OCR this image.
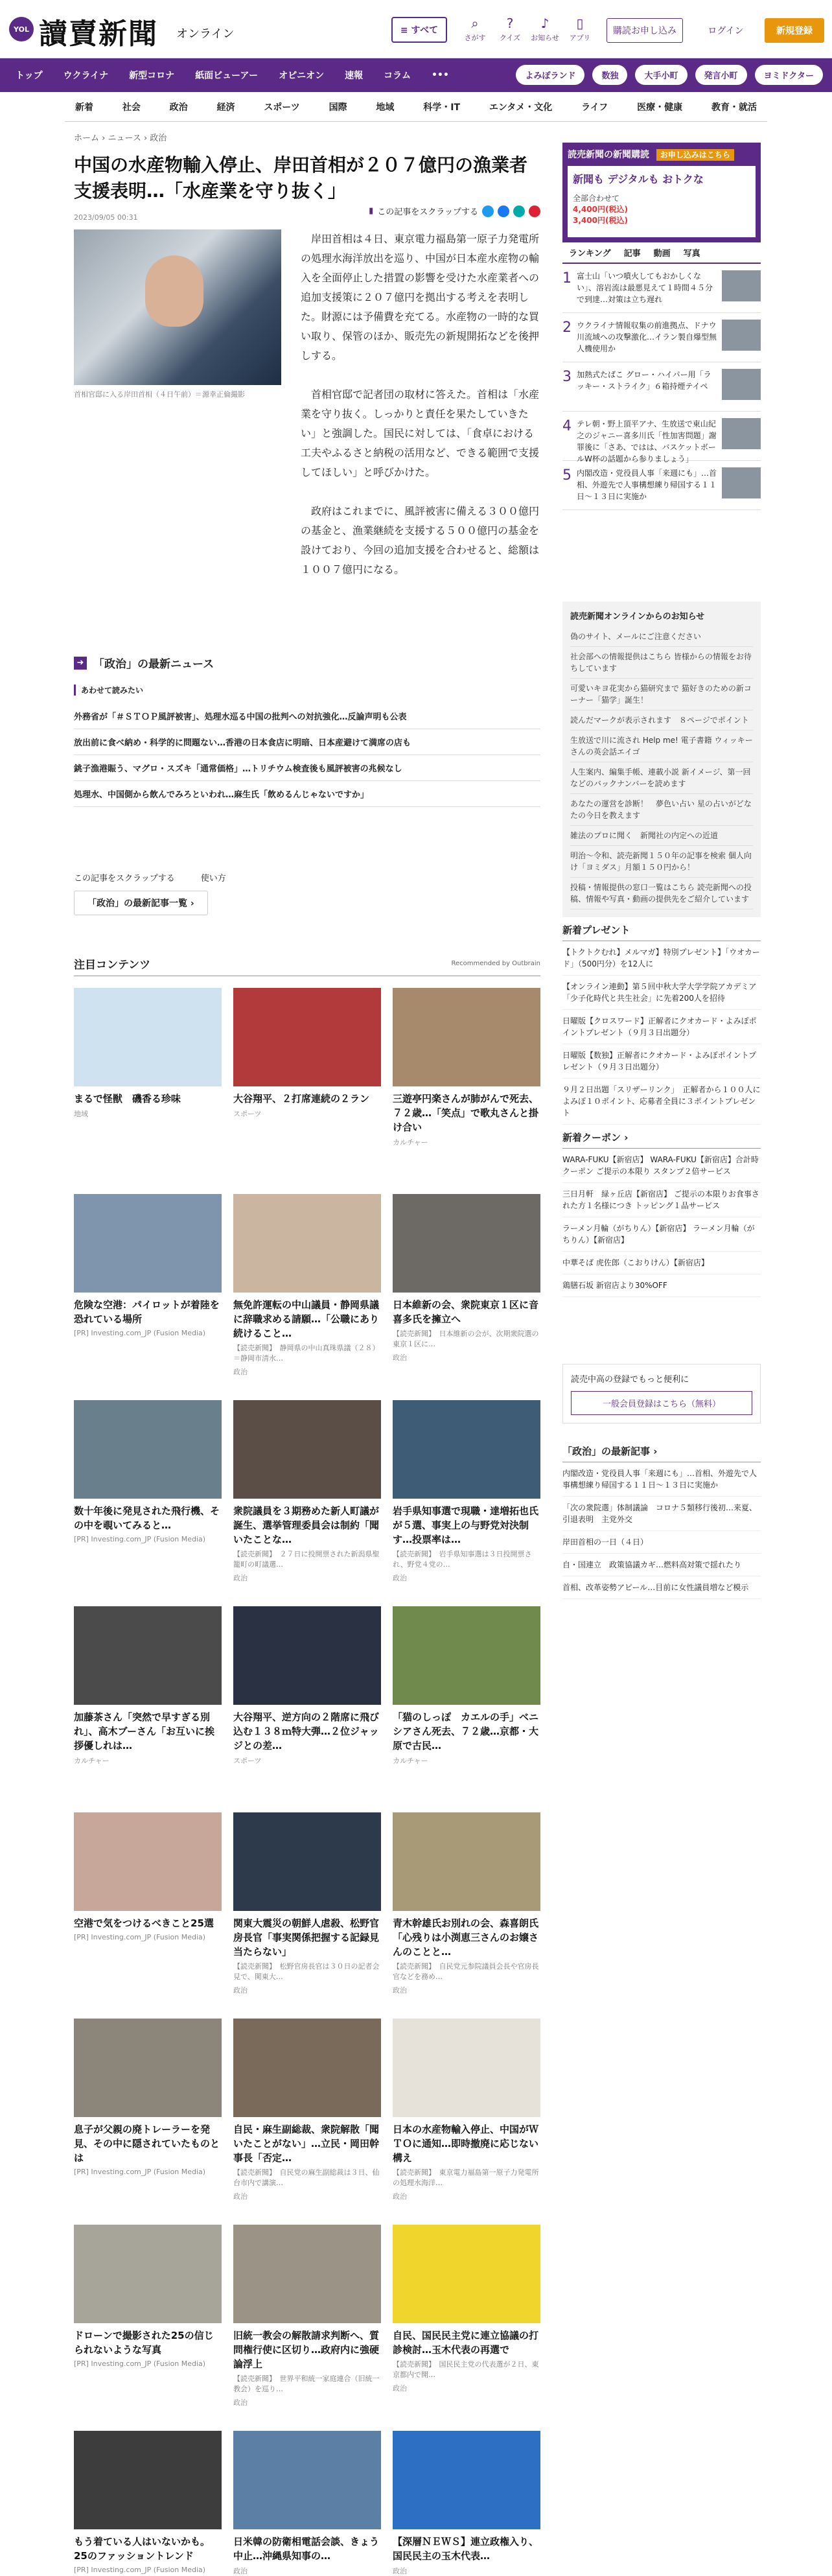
YOL 讀賣新聞 オンライン	≡ すべて	⌕
さがす
?
クイズ
♪
お知らせ
▯
アプリ
購読お申し込み	ログイン	新規登録
トップ ウクライナ 新型コロナ 紙面ビューアー オピニオン 速報 コラム •••	よみぽランド	数独	大手小町	発言小町	ヨミドクター
新着	社会	政治	経済	スポーツ	国際	地域	科学・IT	エンタメ・文化	ライフ	医療・健康	教育・就活
ホーム › ニュース › 政治
中国の水産物輸入停止、岸田首相が２０７億円の漁業者支援表明…「水産業を守り抜く」
2023/09/05 00:31
▮ この記事をスクラップする
首相官邸に入る岸田首相（４日午前）＝源幸正倫撮影

岸田首相は４日、東京電力福島第一原子力発電所の処理水海洋放出を巡り、中国が日本産水産物の輸入を全面停止した措置の影響を受けた水産業者への追加支援策に２０７億円を拠出する考えを表明した。財源には予備費を充てる。水産物の一時的な買い取り、保管のほか、販売先の新規開拓などを後押しする。

首相官邸で記者団の取材に答えた。首相は「水産業を守り抜く。しっかりと責任を果たしていきたい」と強調した。国民に対しては、「食卓における工夫やふるさと納税の活用など、できる範囲で支援してほしい」と呼びかけた。

政府はこれまでに、風評被害に備える３００億円の基金と、漁業継続を支援する５００億円の基金を設けており、今回の追加支援を合わせると、総額は１００７億円になる。

➜ 「政治」の最新ニュース
あわせて読みたい
外務省が「＃ＳＴＯＰ風評被害」、処理水巡る中国の批判への対抗強化…反論声明も公表
放出前に食べ納め・科学的に問題ない…香港の日本食店に明暗、日本産避けて満席の店も
銚子漁港賑う、マグロ・スズキ「通常価格」…トリチウム検査後も風評被害の兆候なし
処理水、中国側から飲んでみろといわれ…麻生氏「飲めるんじゃないですか」
この記事をスクラップする	使い方
「政治」の最新記事一覧 ›
注目コンテンツ	Recommended by Outbrain
まるで怪獣　磯香る珍味
地域
大谷翔平、２打席連続の２ラン
スポーツ
三遊亭円楽さんが肺がんで死去、７２歳…「笑点」で歌丸さんと掛け合い
カルチャー
危険な空港：パイロットが着陸を恐れている場所
[PR] Investing.com_JP (Fusion Media)
無免許運転の中山議員・静岡県議に辞職求める請願…「公職にあり続けること…
【読売新聞】　静岡県の中山真珠県議（２８）＝静岡市清水…
政治
日本維新の会、衆院東京１区に音喜多氏を擁立へ
【読売新聞】　日本維新の会が、次期衆院選の東京１区に…
政治
数十年後に発見された飛行機、その中を覗いてみると…
[PR] Investing.com_JP (Fusion Media)
衆院議員を３期務めた新人町議が誕生、選挙管理委員会は制約「聞いたことな…
【読売新聞】　２７日に投開票された新潟県聖籠町の町議選…
政治
岩手県知事選で現職・達増拓也氏が５選、事実上の与野党対決制す…投票率は…
【読売新聞】　岩手県知事選は３日投開票され、野党４党の…
政治
加藤茶さん「突然で早すぎる別れ」、高木ブーさん「お互いに挨拶優しれは…
カルチャー
大谷翔平、逆方向の２階席に飛び込む１３８ｍ特大弾…２位ジャッジとの差…
スポーツ
「猫のしっぽ　カエルの手」ベニシアさん死去、７２歳…京都・大原で古民…
カルチャー
空港で気をつけるべきこと25選
[PR] Investing.com_JP (Fusion Media)
関東大震災の朝鮮人虐殺、松野官房長官「事実関係把握する記録見当たらない」
【読売新聞】　松野官房長官は３０日の記者会見で、関東大…
政治
青木幹雄氏お別れの会、森喜朗氏「心残りは小渕恵三さんのお嬢さんのことと…
【読売新聞】　自民党元参院議員会長や官房長官などを務め…
政治
息子が父親の廃トレーラーを発見、その中に隠されていたものとは
[PR] Investing.com_JP (Fusion Media)
自民・麻生副総裁、衆院解散「聞いたことがない」…立民・岡田幹事長「否定…
【読売新聞】　自民党の麻生副総裁は３日、仙台市内で講演…
政治
日本の水産物輸入停止、中国がＷＴＯに通知…即時撤廃に応じない構え
【読売新聞】　東京電力福島第一原子力発電所の処理水海洋…
政治
ドローンで撮影された25の信じられないような写真
[PR] Investing.com_JP (Fusion Media)
旧統一教会の解散請求判断へ、質問権行使に区切り…政府内に強硬論浮上
【読売新聞】　世界平和統一家庭連合（旧統一教会）を巡り…
政治
自民、国民民主党に連立協議の打診検討…玉木代表の再選で
【読売新聞】　国民民主党の代表選が２日、東京都内で開…
政治
もう着ている人はいないかも。25のファッショントレンド
[PR] Investing.com_JP (Fusion Media)
日米韓の防衛相電話会談、きょう中止…沖縄県知事の…
政治
【深層ＮＥＷＳ】連立政権入り、国民民主の玉木代表…
政治
読売新聞の新聞購読 お申し込みはこちら
新聞も デジタルも おトクな
全部合わせて
4,400円(税込)
3,400円(税込)
ランキング	記事	動画	写真
1 富士山「いつ噴火してもおかしくない」、溶岩流は最悪見えて１時間４５分で到達…対策は立ち遅れ
2 ウクライナ情報収集の前進拠点、ドナウ川流域への攻撃激化…イラン製自爆型無人機使用か
3 加熱式たばこ グロー・ハイパー用「ラッキー・ストライク」６箱持煙テイペ
4 テレ朝・野上頂平アナ、生放送で東山紀之のジャニー喜多川氏「性加害問題」謝罪後に「さあ、ではは、バスケットボールW杯の話題から参りましょう」
5 内閣改造・党役員人事「来週にも」…首相、外遊先で人事構想練り帰国する１１日～１３日に実施か
読売新聞オンラインからのお知らせ
偽のサイト、メールにご注意ください
社会部への情報提供はこちら 皆様からの情報をお待ちしています
可愛いキヨ花実から猫研究まで 猫好きのための新コーナー「猫学」誕生！
読んだマークが表示されます　８ページでポイント
生放送で川に流され Help me! 電子書籍 ウィッキーさんの英会話エイゴ
人生案内、編集手帳、連載小説 新イメージ、第一回などのバックナンバーを読めます
あなたの運営を診断！　夢色い占い 星の占いがどなたの今日を教えます
雑法のプロに聞く　新聞社の内定への近道
明治～令和、読売新聞１５０年の記事を検索 個人向け「ヨミダス」月額１５０円から！
投稿・情報提供の窓口一覧はこちら 読売新聞への投稿、情報や写真・動画の提供先をご紹介しています
新着プレゼント
【トクトクむれ】メルマガ】特別プレゼント】「ウオカード」（500円分）を12人に
【オンライン連動】第５回中秋大学大学学院アカデミア「少子化時代と共生社会」に先着200人を招待
日曜版【クロスワード】正解者にクオカード・よみぽポイントプレゼント（９月３日出題分）
日曜版【数独】正解者にクオカード・よみぽポイントプレゼント（９月３日出題分）
９月２日出題「スリザーリンク」　正解者から１００人によみぽ１０ポイント、応募者全員に３ポイントプレゼント
新着クーポン ›
WARA-FUKU【新宿店】 WARA-FUKU【新宿店】合計時クーポン ご提示の本限り スタンプ２倍サービス
三日月軒　緑ヶ丘店【新宿店】 ご提示の本限りお食事された方１名様につき トッピング１品サービス
ラーメン月輪（がちりん）【新宿店】 ラーメン月輪（がちりん）【新宿店】
中華そば 虎佐郎（こおりけん）【新宿店】
鶏膳石坂 新宿店より30%OFF
読売中高の登録でもっと便利に
一般会員登録はこちら（無料）
「政治」の最新記事 ›
内閣改造・党役員人事「来週にも」…首相、外遊先で人事構想練り帰国する１１日～１３日に実施か
「次の衆院選」体制議論　コロナ５類移行後初…来夏、引退表明　主党外交
岸田首相の一日（４日）
自・国連立　政策協議カギ…燃料高対策で揺れたり
首相、改革姿勢アピール…目前に女性議員増など模示
